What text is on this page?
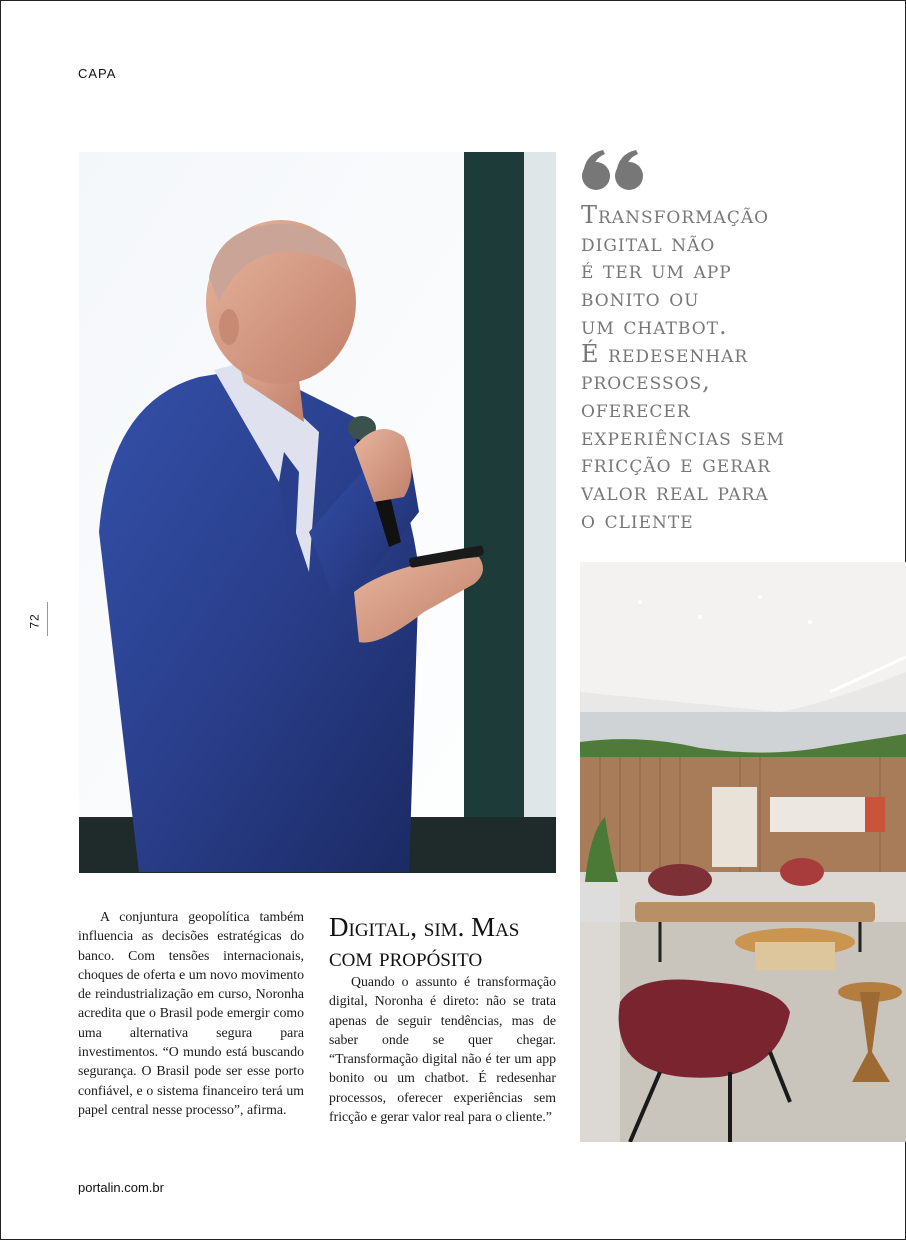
CAPA
72
Transformação
digital não
é ter um app
bonito ou
um chatbot.
É redesenhar
processos,
oferecer
experiências sem
fricção e gerar
valor real para
o cliente

A conjuntura geopolítica também influencia as decisões estratégicas do banco. Com tensões internacionais, choques de oferta e um novo movimento de reindustrialização em curso, Noronha acredita que o Brasil pode emergir como uma alternativa segura para investimentos. “O mundo está buscando segurança. O Brasil pode ser esse porto confiável, e o sistema financeiro terá um papel central nesse processo”, afirma.

Digital, sim. Mas
com propósito

Quando o assunto é transformação digital, Noronha é direto: não se trata apenas de seguir tendências, mas de saber onde se quer chegar. “Transformação digital não é ter um app bonito ou um chatbot. É redesenhar processos, oferecer experiências sem fricção e gerar valor real para o cliente.”

portalin.com.br
